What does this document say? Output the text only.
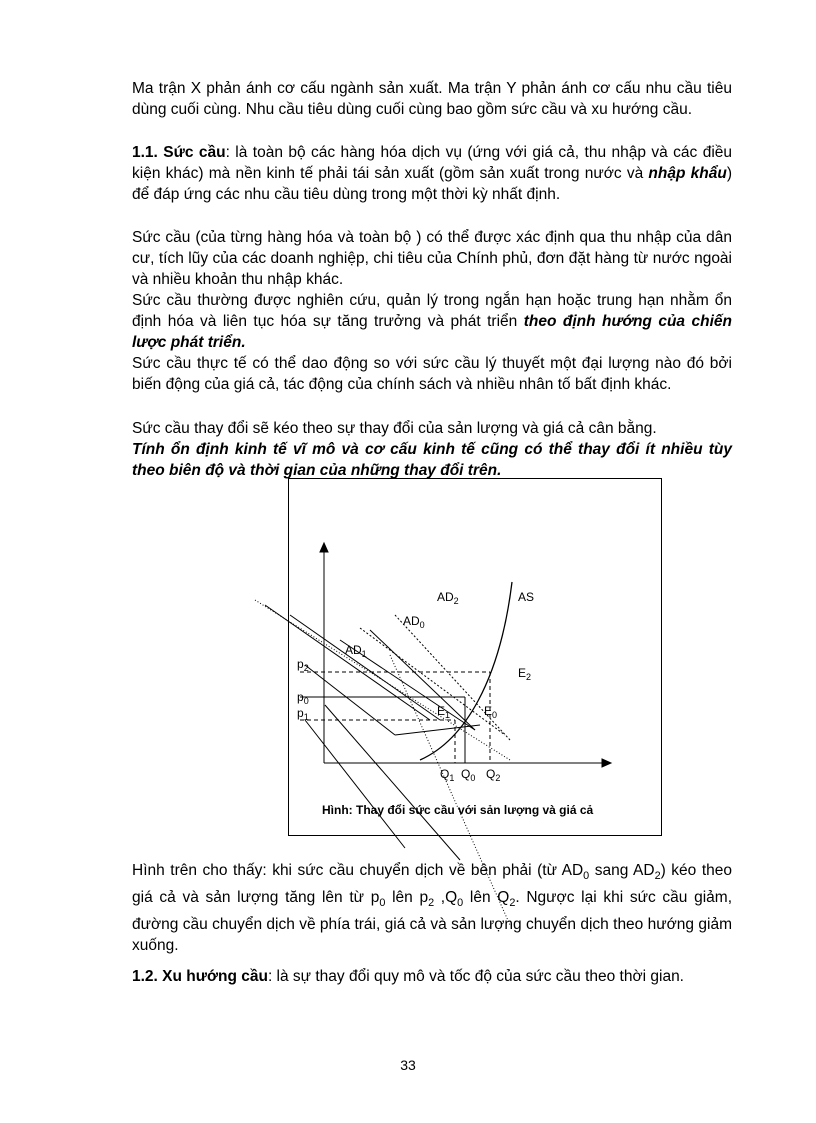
Ma trận X phản ánh cơ cấu ngành sản xuất. Ma trận Y phản ánh cơ cấu nhu cầu tiêu dùng cuối cùng. Nhu cầu tiêu dùng cuối cùng bao gồm sức cầu và xu hướng cầu.

1.1. Sức cầu: là toàn bộ các hàng hóa dịch vụ (ứng với giá cả, thu nhập và các điều kiện khác) mà nền kinh tế phải tái sản xuất (gồm sản xuất trong nước và nhập khẩu) để đáp ứng các nhu cầu tiêu dùng trong một thời kỳ nhất định.

Sức cầu (của từng hàng hóa và toàn bộ ) có thể được xác định qua thu nhập của dân cư, tích lũy của các doanh nghiệp, chi tiêu của Chính phủ, đơn đặt hàng từ nước ngoài và nhiều khoản thu nhập khác.

Sức cầu thường được nghiên cứu, quản lý trong ngắn hạn hoặc trung hạn nhằm ổn định hóa và liên tục hóa sự tăng trưởng và phát triển theo định hướng của chiến lược phát triển.

Sức cầu thực tế có thể dao động so với sức cầu lý thuyết một đại lượng nào đó bởi biến động của giá cả, tác động của chính sách và nhiều nhân tố bất định khác.

Sức cầu thay đổi sẽ kéo theo sự thay đổi của sản lượng và giá cả cân bằng.

Tính ổn định kinh tế vĩ mô và cơ cấu kinh tế cũng có thể thay đổi ít nhiều tùy theo biên độ và thời gian của những thay đổi trên.

$AD_2$	AS
$AD_0$
$AD_1$
$E_2$
$E_1$	$E_0$
$p_2$
$p_0$
$p_1$
$Q_1$ $Q_0$ $Q_2$
Hình: Thay đổi sức cầu với sản lượng và giá cả

Hình trên cho thấy: khi sức cầu chuyển dịch về bên phải (từ $AD_0$ sang $AD_2$) kéo theo giá cả và sản lượng tăng lên từ $p_0$ lên $p_2$ $,Q_0$ lên $Q_2$. Ngược lại khi sức cầu giảm, đường cầu chuyển dịch về phía trái, giá cả và sản lượng chuyển dịch theo hướng giảm xuống.

1.2. Xu hướng cầu: là sự thay đổi quy mô và tốc độ của sức cầu theo thời gian.

33
